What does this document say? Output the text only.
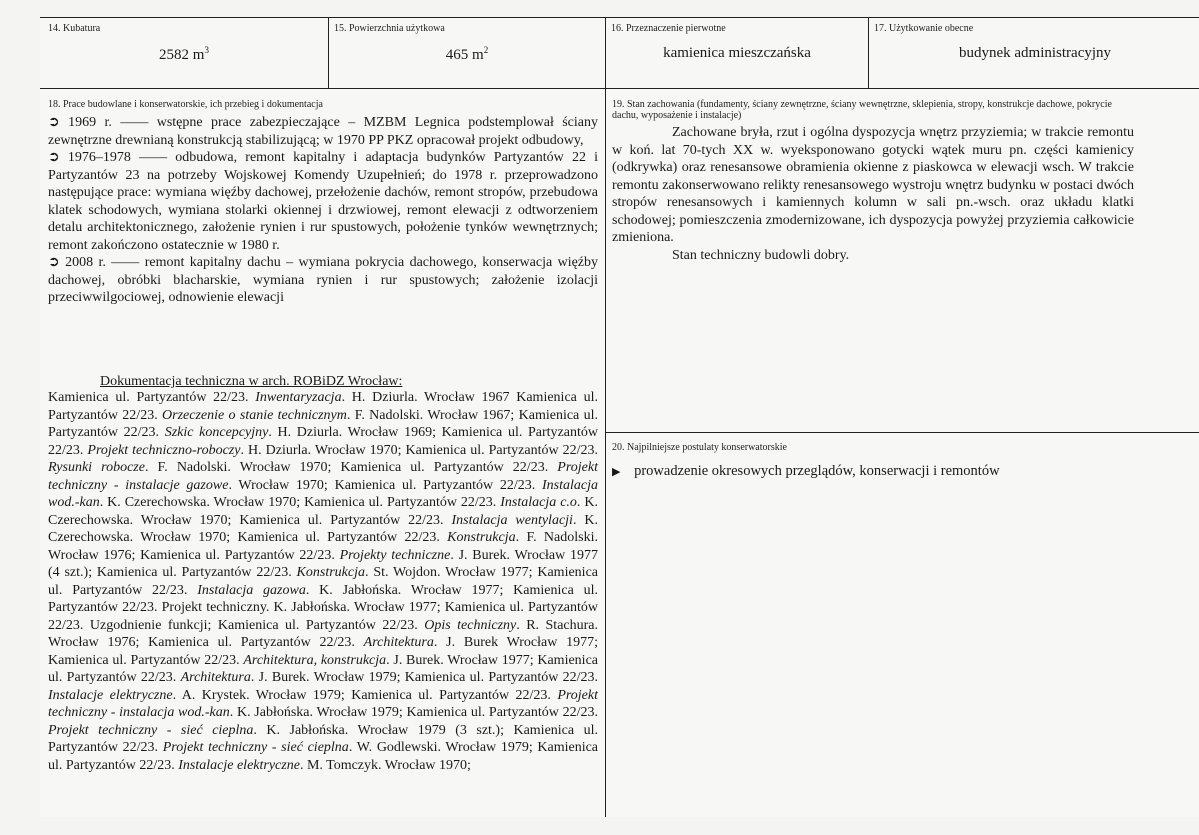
14. Kubatura
2582 $m^3$
15. Powierzchnia użytkowa
465 $m^2$
16. Przeznaczenie pierwotne
kamienica mieszczańska
17. Użytkowanie obecne
budynek administracyjny
18. Prace budowlane i konserwatorskie, ich przebieg i dokumentacja
➲ 1969 r. —— wstępne prace zabezpieczające – MZBM Legnica podstemplował ściany zewnętrzne drewnianą konstrukcją stabilizującą; w 1970 PP PKZ opracował projekt odbudowy,
➲ 1976–1978 —— odbudowa, remont kapitalny i adaptacja budynków Partyzantów 22 i Partyzantów 23 na potrzeby Wojskowej Komendy Uzupełnień; do 1978 r. przeprowadzono następujące prace: wymiana więźby dachowej, przełożenie dachów, remont stropów, przebudowa klatek schodowych, wymiana stolarki okiennej i drzwiowej, remont elewacji z odtworzeniem detalu architektonicznego, założenie rynien i rur spustowych, położenie tynków wewnętrznych; remont zakończono ostatecznie w 1980 r.
➲ 2008 r. —— remont kapitalny dachu – wymiana pokrycia dachowego, konserwacja więźby dachowej, obróbki blacharskie, wymiana rynien i rur spustowych; założenie izolacji przeciwwilgociowej, odnowienie elewacji
Dokumentacja techniczna w arch. ROBiDZ Wrocław:
Kamienica ul. Partyzantów 22/23. Inwentaryzacja. H. Dziurla. Wrocław 1967 Kamienica ul. Partyzantów 22/23. Orzeczenie o stanie technicznym. F. Nadolski. Wrocław 1967; Kamienica ul. Partyzantów 22/23. Szkic koncepcyjny. H. Dziurla. Wrocław 1969; Kamienica ul. Partyzantów 22/23. Projekt techniczno-roboczy. H. Dziurla. Wrocław 1970; Kamienica ul. Partyzantów 22/23. Rysunki robocze. F. Nadolski. Wrocław 1970; Kamienica ul. Partyzantów 22/23. Projekt techniczny - instalacje gazowe. Wrocław 1970; Kamienica ul. Partyzantów 22/23. Instalacja wod.-kan. K. Czerechowska. Wrocław 1970; Kamienica ul. Partyzantów 22/23. Instalacja c.o. K. Czerechowska. Wrocław 1970; Kamienica ul. Partyzantów 22/23. Instalacja wentylacji. K. Czerechowska. Wrocław 1970; Kamienica ul. Partyzantów 22/23. Konstrukcja. F. Nadolski. Wrocław 1976; Kamienica ul. Partyzantów 22/23. Projekty techniczne. J. Burek. Wrocław 1977 (4 szt.); Kamienica ul. Partyzantów 22/23. Konstrukcja. St. Wojdon. Wrocław 1977; Kamienica ul. Partyzantów 22/23. Instalacja gazowa. K. Jabłońska. Wrocław 1977; Kamienica ul. Partyzantów 22/23. Projekt techniczny. K. Jabłońska. Wrocław 1977; Kamienica ul. Partyzantów 22/23. Uzgodnienie funkcji; Kamienica ul. Partyzantów 22/23. Opis techniczny. R. Stachura. Wrocław 1976; Kamienica ul. Partyzantów 22/23. Architektura. J. Burek Wrocław 1977; Kamienica ul. Partyzantów 22/23. Architektura, konstrukcja. J. Burek. Wrocław 1977; Kamienica ul. Partyzantów 22/23. Architektura. J. Burek. Wrocław 1979; Kamienica ul. Partyzantów 22/23. Instalacje elektryczne. A. Krystek. Wrocław 1979; Kamienica ul. Partyzantów 22/23. Projekt techniczny - instalacja wod.-kan. K. Jabłońska. Wrocław 1979; Kamienica ul. Partyzantów 22/23. Projekt techniczny - sieć cieplna. K. Jabłońska. Wrocław 1979 (3 szt.); Kamienica ul. Partyzantów 22/23. Projekt techniczny - sieć cieplna. W. Godlewski. Wrocław 1979; Kamienica ul. Partyzantów 22/23. Instalacje elektryczne. M. Tomczyk. Wrocław 1970;
19. Stan zachowania (fundamenty, ściany zewnętrzne, ściany wewnętrzne, sklepienia, stropy, konstrukcje dachowe, pokrycie dachu, wyposażenie i instalacje)
Zachowane bryła, rzut i ogólna dyspozycja wnętrz przyziemia; w trakcie remontu w koń. lat 70-tych XX w. wyeksponowano gotycki wątek muru pn. części kamienicy (odkrywka) oraz renesansowe obramienia okienne z piaskowca w elewacji wsch. W trakcie remontu zakonserwowano relikty renesansowego wystroju wnętrz budynku w postaci dwóch stropów renesansowych i kamiennych kolumn w sali pn.-wsch. oraz układu klatki schodowej; pomieszczenia zmodernizowane, ich dyspozycja powyżej przyziemia całkowicie zmieniona.
Stan techniczny budowli dobry.
20. Najpilniejsze postulaty konserwatorskie
▶ prowadzenie okresowych przeglądów, konserwacji i remontów
